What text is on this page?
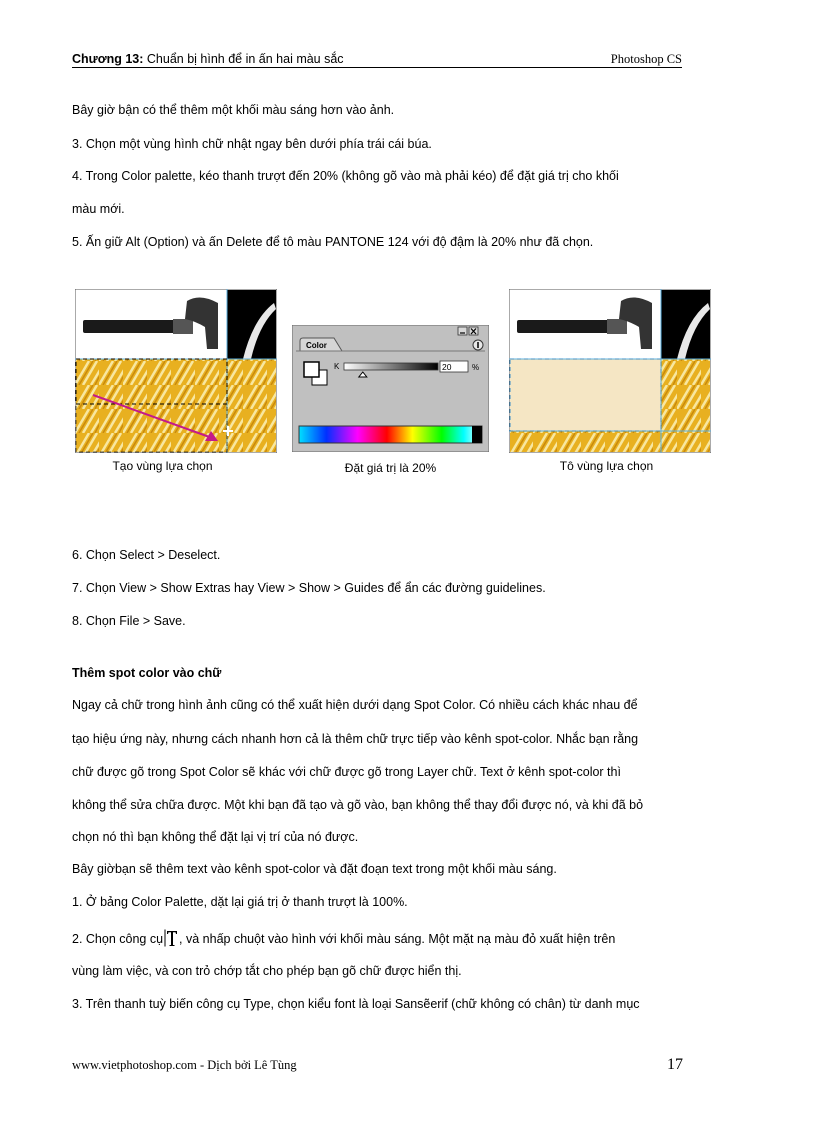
Chương 13: Chuẩn bị hình để in ấn hai màu sắc	Photoshop CS
Bây giờ bận có thể thêm một khối màu sáng hơn vào ảnh.
3. Chọn một vùng hình chữ nhật ngay bên dưới phía trái cái búa.
4. Trong Color palette, kéo thanh trượt đến 20% (không gõ vào mà phải kéo) để đặt giá trị cho khối
màu mới.
5. Ấn giữ Alt (Option) và ấn Delete để tô màu PANTONE 124 với độ đậm là 20% như đã chọn.
Tạo vùng lựa chọn
Color
K	20	%
Đặt giá trị là 20%	Tô vùng lựa chọn
6. Chọn Select > Deselect.
7. Chọn View > Show Extras hay View > Show > Guides để ẩn các đường guidelines.
8. Chọn File > Save.
Thêm spot color vào chữ
Ngay cả chữ trong hình ảnh cũng có thể xuất hiện dưới dạng Spot Color. Có nhiều cách khác nhau để
tạo hiệu ứng này, nhưng cách nhanh hơn cả là thêm chữ trực tiếp vào kênh spot-color. Nhắc bạn rằng
chữ được gõ trong Spot Color sẽ khác với chữ được gõ trong Layer chữ. Text ở kênh spot-color thì
không thể sửa chữa được. Một khi bạn đã tạo và gõ vào, bạn không thể thay đổi được nó, và khi đã bỏ
chọn nó thì bạn không thể đặt lại vị trí của nó được.
Bây giờbạn sẽ thêm text vào kênh spot-color và đặt đoạn text trong một khối màu sáng.
1. Ở bảng Color Palette, dặt lại giá trị ở thanh trượt là 100%.
2. Chọn công cụ , và nhấp chuột vào hình với khối màu sáng. Một mặt nạ màu đỏ xuất hiện trên
vùng làm việc, và con trỏ chớp tắt cho phép bạn gõ chữ được hiển thị.
3. Trên thanh tuỳ biến công cụ Type, chọn kiểu font là loại Sansẽerif (chữ không có chân) từ danh mục
www.vietphotoshop.com - Dịch bởi Lê Tùng	17
